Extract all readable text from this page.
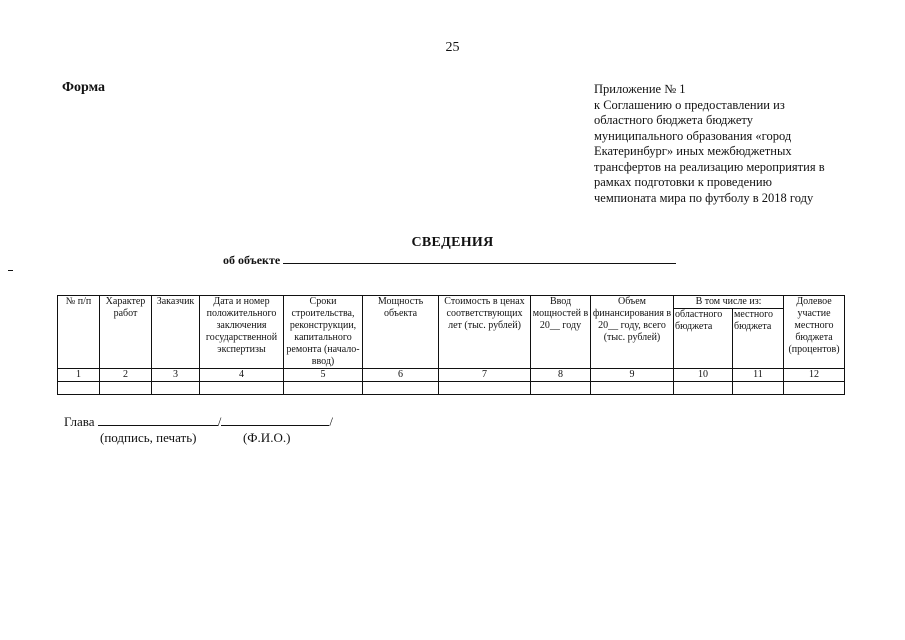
25
Форма	Приложение № 1
к Соглашению о предоставлении из
областного бюджета бюджету
муниципального образования «город
Екатеринбург» иных межбюджетных
трансфертов на реализацию мероприятия в
рамках подготовки к проведению
чемпионата мира по футболу в 2018 году
СВЕДЕНИЯ
об объекте
№ п/п	Характер работ	Заказчик	Дата и номер положительного заключения государственной экспертизы	Сроки строительства, реконструкции, капитального ремонта (начало-ввод)	Мощность объекта	Стоимость в ценах соответствующих лет (тыс. рублей)	Ввод мощностей в 20__ году	Объем финансирования в 20__ году, всего (тыс. рублей)	В том числе из:		Долевое участие местного бюджета (процентов)
									областного бюджета	местного бюджета	
1	2	3	4	5	6	7	8	9	10	11	12

Глава	/	/
(подпись, печать)	(Ф.И.О.)
